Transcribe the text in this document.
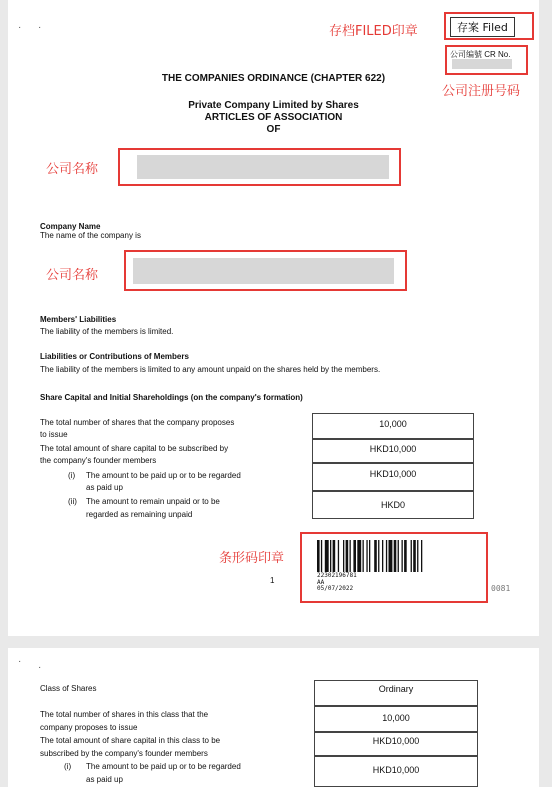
· ·	存案 Filed
存档FILED印章
公司编號 CR No.
公司注册号码
THE COMPANIES ORDINANCE (CHAPTER 622)
Private Company Limited by Shares
ARTICLES OF ASSOCIATION
OF
公司名称
Company Name
The name of the company is
公司名称
Members' Liabilities
The liability of the members is limited.
Liabilities or Contributions of Members
The liability of the members is limited to any amount unpaid on the shares held by the members.
Share Capital and Initial Shareholdings (on the company's formation)
The total number of shares that the company proposes
to issue
The total amount of share capital to be subscribed by
the company's founder members
(i) The amount to be paid up or to be regarded
as paid up
(ii) The amount to remain unpaid or to be
regarded as remaining unpaid
10,000
HKD10,000
HKD10,000
HKD0
条形码印章
22302196781
AA
05/07/2022	0081
1
·
·
Class of Shares
The total number of shares in this class that the
company proposes to issue
The total amount of share capital in this class to be
subscribed by the company's founder members
(i) The amount to be paid up or to be regarded
as paid up
Ordinary
10,000
HKD10,000
HKD10,000
